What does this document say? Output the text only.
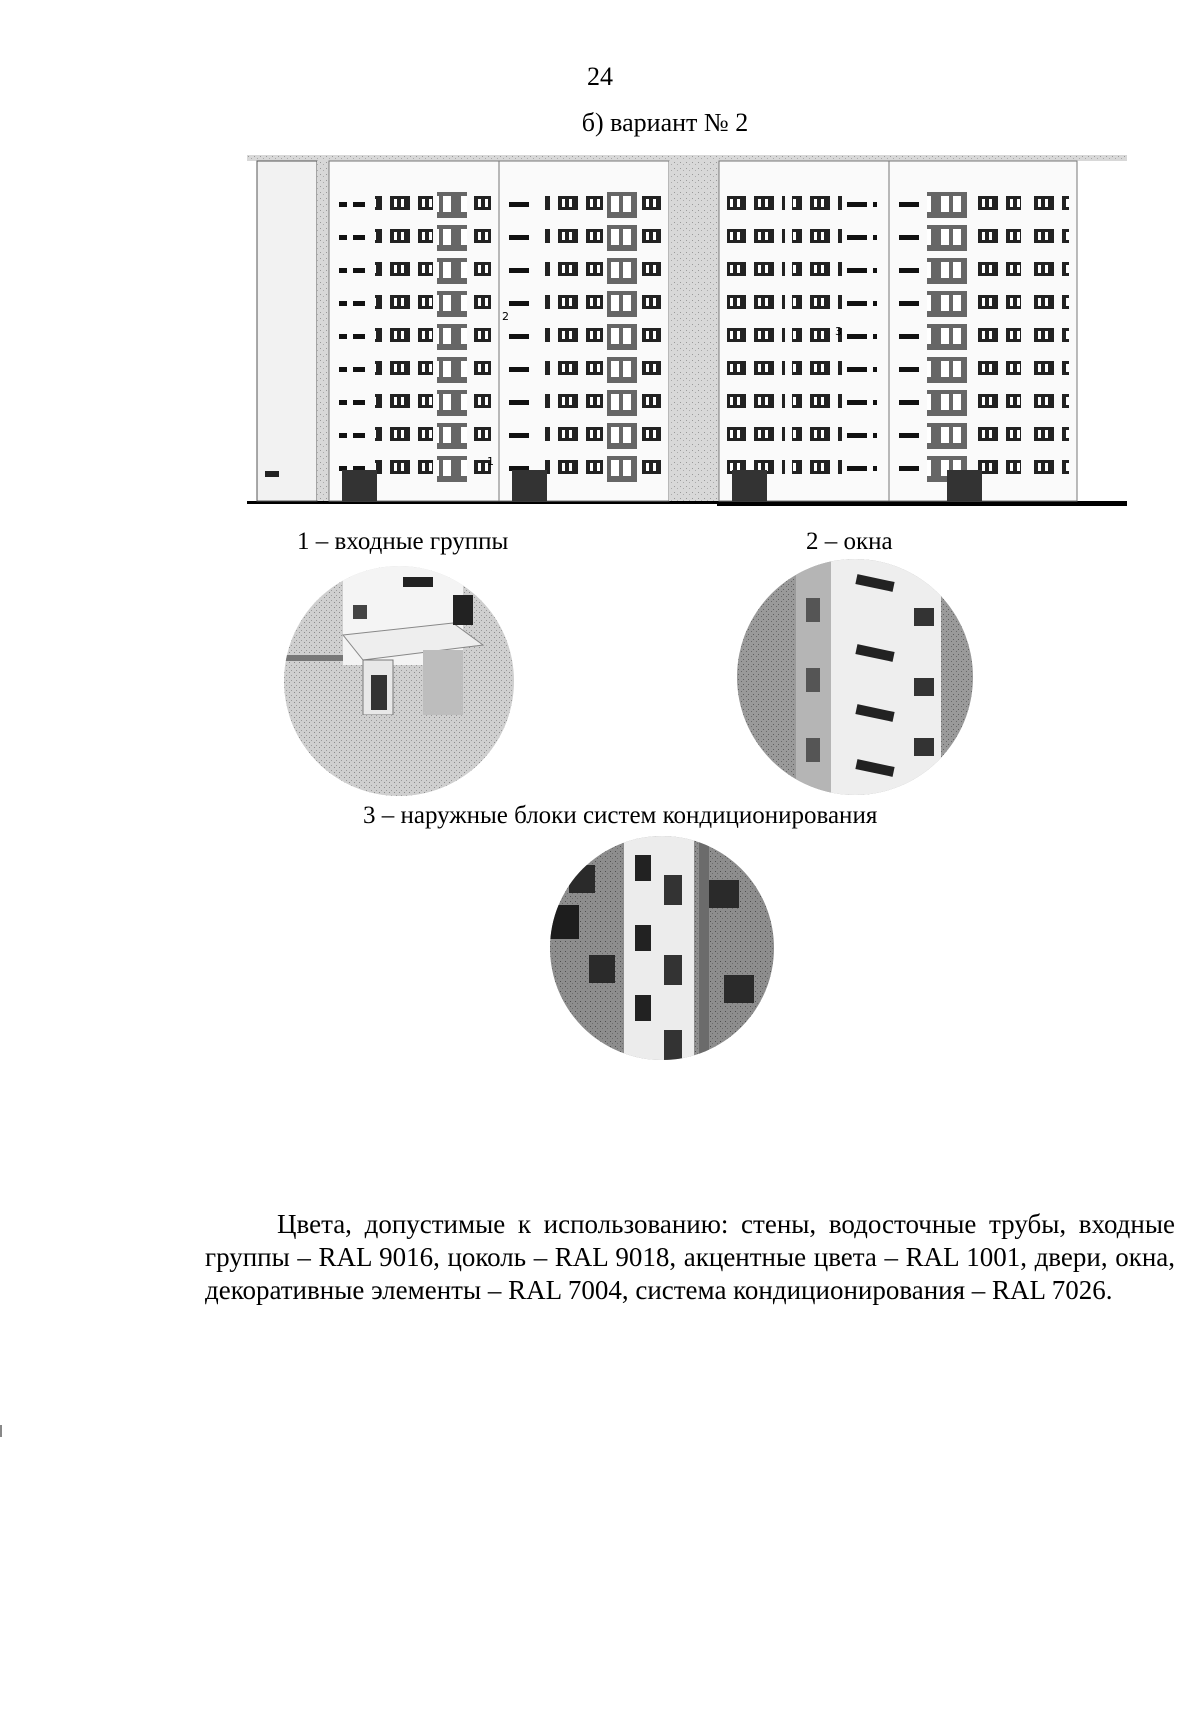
24
б) вариант № 2
1
2
3
1 – входные группы	2 – окна
3 – наружные блоки систем кондиционирования
Цвета, допустимые к использованию: стены, водосточные трубы, входные группы – RAL 9016, цоколь – RAL 9018, акцентные цвета – RAL 1001, двери, окна, декоративные элементы – RAL 7004, система кондиционирования – RAL 7026.
